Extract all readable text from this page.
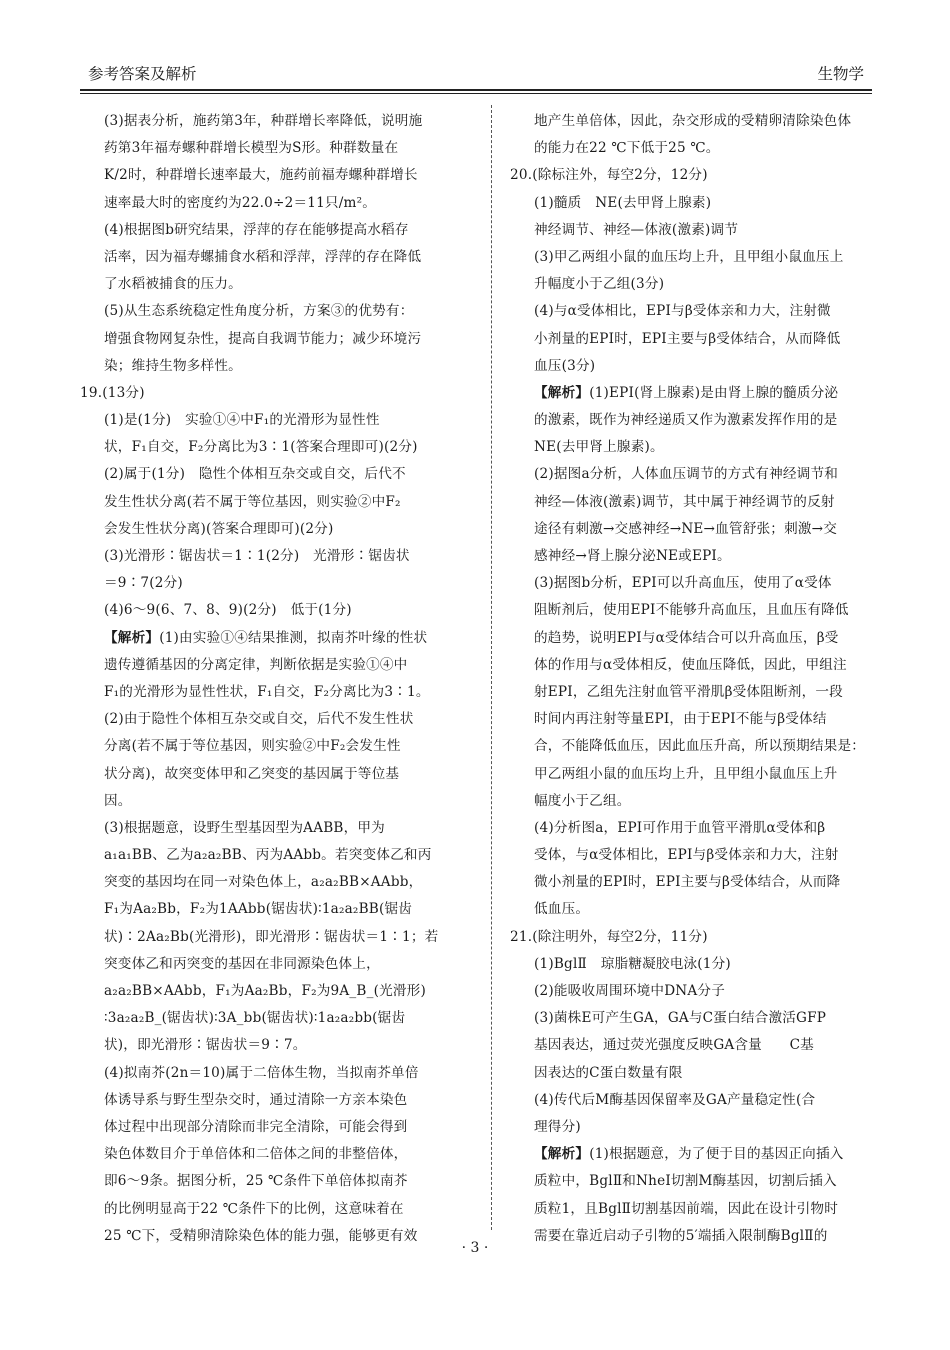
参考答案及解析	生物学
(3)据表分析，施药第3年，种群增长率降低，说明施
药第3年福寿螺种群增长模型为S形。种群数量在
K/2时，种群增长速率最大，施药前福寿螺种群增长
速率最大时的密度约为22.0÷2＝11只/m²。
(4)根据图b研究结果，浮萍的存在能够提高水稻存
活率，因为福寿螺捕食水稻和浮萍，浮萍的存在降低
了水稻被捕食的压力。
(5)从生态系统稳定性角度分析，方案③的优势有：
增强食物网复杂性，提高自我调节能力；减少环境污
染；维持生物多样性。
19.(13分)
(1)是(1分)　实验①④中F₁的光滑形为显性性
状，F₁自交，F₂分离比为3∶1(答案合理即可)(2分)
(2)属于(1分)　隐性个体相互杂交或自交，后代不
发生性状分离(若不属于等位基因，则实验②中F₂
会发生性状分离)(答案合理即可)(2分)
(3)光滑形∶锯齿状＝1∶1(2分)　光滑形∶锯齿状
＝9∶7(2分)
(4)6～9(6、7、8、9)(2分)　低于(1分)
【解析】(1)由实验①④结果推测，拟南芥叶缘的性状
遗传遵循基因的分离定律，判断依据是实验①④中
F₁的光滑形为显性性状，F₁自交，F₂分离比为3∶1。
(2)由于隐性个体相互杂交或自交，后代不发生性状
分离(若不属于等位基因，则实验②中F₂会发生性
状分离)，故突变体甲和乙突变的基因属于等位基
因。
(3)根据题意，设野生型基因型为AABB，甲为
a₁a₁BB、乙为a₂a₂BB、丙为AAbb。若突变体乙和丙
突变的基因均在同一对染色体上，a₂a₂BB×AAbb，
F₁为Aa₂Bb，F₂为1AAbb(锯齿状)∶1a₂a₂BB(锯齿
状)∶2Aa₂Bb(光滑形)，即光滑形∶锯齿状＝1∶1；若
突变体乙和丙突变的基因在非同源染色体上，
a₂a₂BB×AAbb，F₁为Aa₂Bb，F₂为9A_B_(光滑形)
∶3a₂a₂B_(锯齿状)∶3A_bb(锯齿状)∶1a₂a₂bb(锯齿
状)，即光滑形∶锯齿状＝9∶7。
(4)拟南芥(2n＝10)属于二倍体生物，当拟南芥单倍
体诱导系与野生型杂交时，通过清除一方亲本染色
体过程中出现部分清除而非完全清除，可能会得到
染色体数目介于单倍体和二倍体之间的非整倍体，
即6～9条。据图分析，25 ℃条件下单倍体拟南芥
的比例明显高于22 ℃条件下的比例，这意味着在
25 ℃下，受精卵清除染色体的能力强，能够更有效
地产生单倍体，因此，杂交形成的受精卵清除染色体
的能力在22 ℃下低于25 ℃。
20.(除标注外，每空2分，12分)
(1)髓质　NE(去甲肾上腺素)
神经调节、神经—体液(激素)调节
(3)甲乙两组小鼠的血压均上升，且甲组小鼠血压上
升幅度小于乙组(3分)
(4)与α受体相比，EPI与β受体亲和力大，注射微
小剂量的EPI时，EPI主要与β受体结合，从而降低
血压(3分)
【解析】(1)EPI(肾上腺素)是由肾上腺的髓质分泌
的激素，既作为神经递质又作为激素发挥作用的是
NE(去甲肾上腺素)。
(2)据图a分析，人体血压调节的方式有神经调节和
神经—体液(激素)调节，其中属于神经调节的反射
途径有刺激→交感神经→NE→血管舒张；刺激→交
感神经→肾上腺分泌NE或EPI。
(3)据图b分析，EPI可以升高血压，使用了α受体
阻断剂后，使用EPI不能够升高血压，且血压有降低
的趋势，说明EPI与α受体结合可以升高血压，β受
体的作用与α受体相反，使血压降低，因此，甲组注
射EPI，乙组先注射血管平滑肌β受体阻断剂，一段
时间内再注射等量EPI，由于EPI不能与β受体结
合，不能降低血压，因此血压升高，所以预期结果是：
甲乙两组小鼠的血压均上升，且甲组小鼠血压上升
幅度小于乙组。
(4)分析图a，EPI可作用于血管平滑肌α受体和β
受体，与α受体相比，EPI与β受体亲和力大，注射
微小剂量的EPI时，EPI主要与β受体结合，从而降
低血压。
21.(除注明外，每空2分，11分)
(1)BglⅡ　琼脂糖凝胶电泳(1分)
(2)能吸收周围环境中DNA分子
(3)菌株E可产生GA，GA与C蛋白结合激活GFP
基因表达，通过荧光强度反映GA含量　　C基
因表达的C蛋白数量有限
(4)传代后M酶基因保留率及GA产量稳定性(合
理得分)
【解析】(1)根据题意，为了便于目的基因正向插入
质粒中，BglⅡ和NheⅠ切割M酶基因，切割后插入
质粒1，且BglⅡ切割基因前端，因此在设计引物时
需要在靠近启动子引物的5′端插入限制酶BglⅡ的
· 3 ·
